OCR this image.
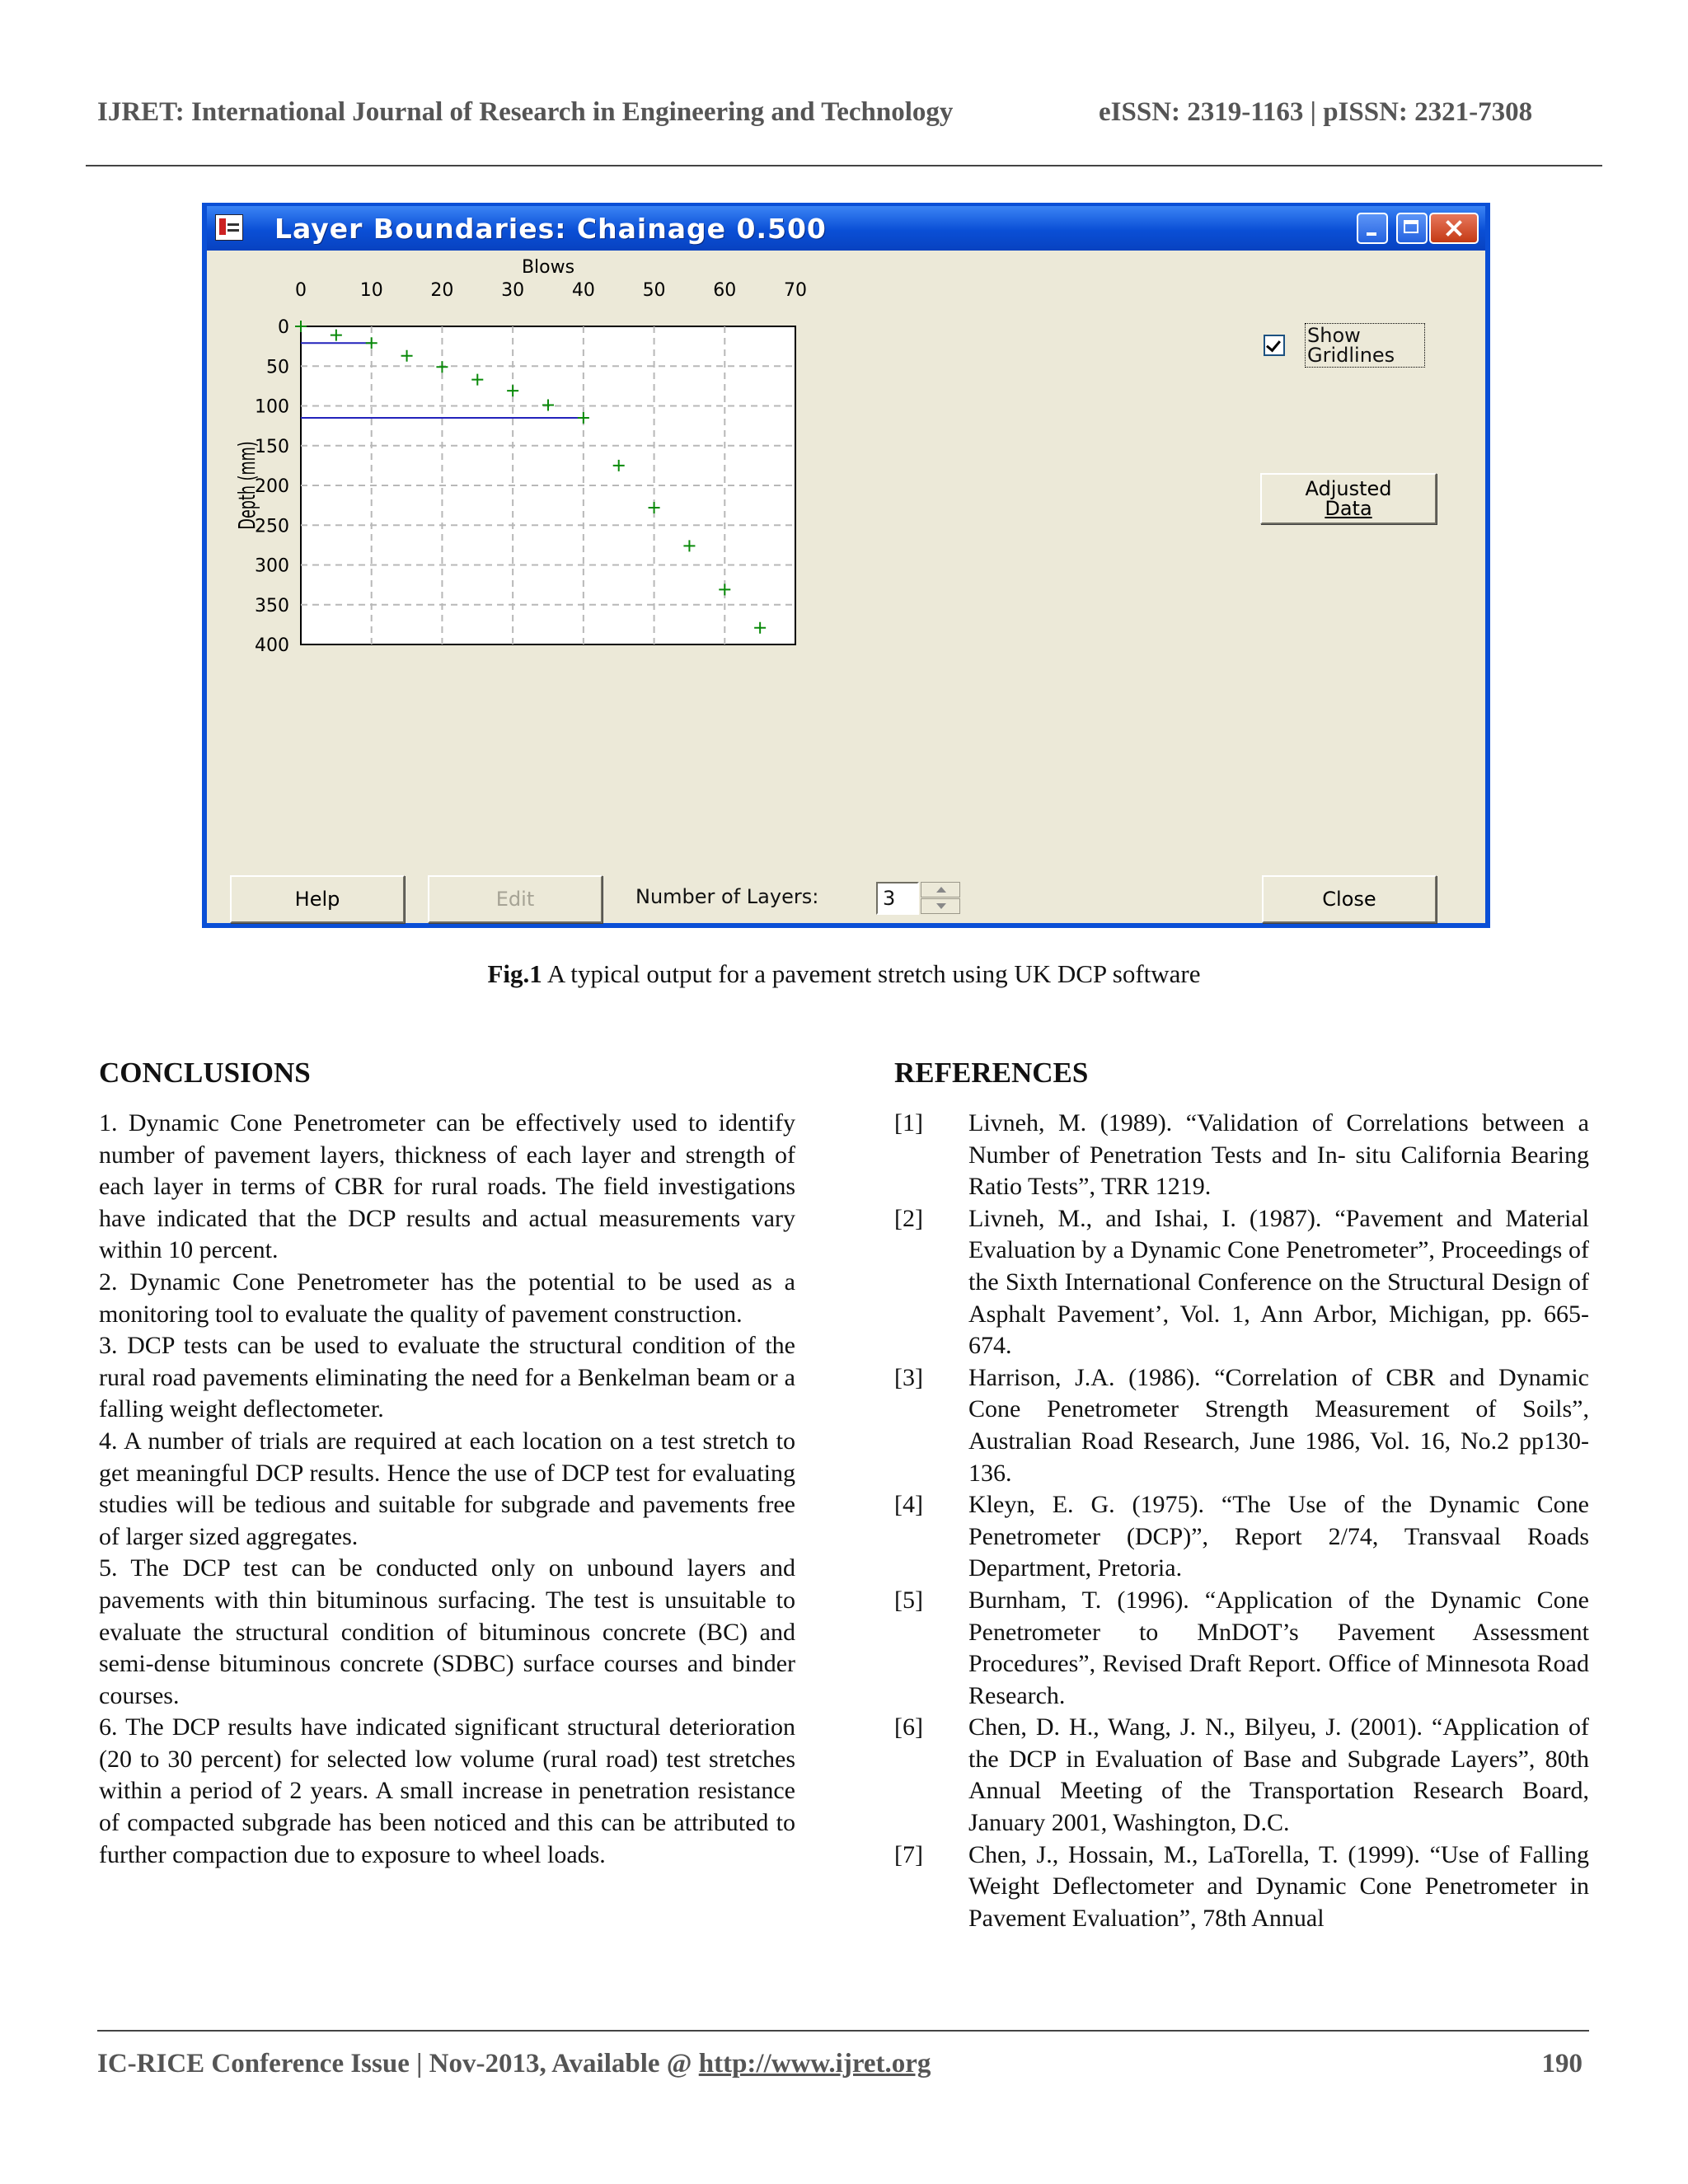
IJRET: International Journal of Research in Engineering and Technology	eISSN: 2319-1163 | pISSN: 2321-7308
Layer Boundaries: Chainage 0.500
0	10	20	30	40	50	60	70
0
50
100
150
200
250
300
350
400
Blows
Depth (mm)
Show Gridlines
Adjusted
Data
Help	Edit	Number of Layers:	3	Close
Fig.1 A typical output for a pavement stretch using UK DCP software
CONCLUSIONS

1. Dynamic Cone Penetrometer can be effectively used to identify number of pavement layers, thickness of each layer and strength of each layer in terms of CBR for rural roads. The field investigations have indicated that the DCP results and actual measurements vary within 10 percent.

2. Dynamic Cone Penetrometer has the potential to be used as a monitoring tool to evaluate the quality of pavement construction.

3. DCP tests can be used to evaluate the structural condition of the rural road pavements eliminating the need for a Benkelman beam or a falling weight deflectometer.

4. A number of trials are required at each location on a test stretch to get meaningful DCP results. Hence the use of DCP test for evaluating studies will be tedious and suitable for subgrade and pavements free of larger sized aggregates.

5. The DCP test can be conducted only on unbound layers and pavements with thin bituminous surfacing. The test is unsuitable to evaluate the structural condition of bituminous concrete (BC) and semi-dense bituminous concrete (SDBC) surface courses and binder courses.

6. The DCP results have indicated significant structural deterioration (20 to 30 percent) for selected low volume (rural road) test stretches within a period of 2 years. A small increase in penetration resistance of compacted subgrade has been noticed and this can be attributed to further compaction due to exposure to wheel loads.

REFERENCES
[1] Livneh, M. (1989). “Validation of Correlations between a Number of Penetration Tests and In- situ California Bearing Ratio Tests”, TRR 1219.
[2] Livneh, M., and Ishai, I. (1987). “Pavement and Material Evaluation by a Dynamic Cone Penetrometer”, Proceedings of the Sixth International Conference on the Structural Design of Asphalt Pavement’, Vol. 1, Ann Arbor, Michigan, pp. 665-674.
[3] Harrison, J.A. (1986). “Correlation of CBR and Dynamic Cone Penetrometer Strength Measurement of Soils”, Australian Road Research, June 1986, Vol. 16, No.2 pp130-136.
[4] Kleyn, E. G. (1975). “The Use of the Dynamic Cone Penetrometer (DCP)”, Report 2/74, Transvaal Roads Department, Pretoria.
[5] Burnham, T. (1996). “Application of the Dynamic Cone Penetrometer to MnDOT’s Pavement Assessment Procedures”, Revised Draft Report. Office of Minnesota Road Research.
[6] Chen, D. H., Wang, J. N., Bilyeu, J. (2001). “Application of the DCP in Evaluation of Base and Subgrade Layers”, 80th Annual Meeting of the Transportation Research Board, January 2001, Washington, D.C.
[7] Chen, J., Hossain, M., LaTorella, T. (1999). “Use of Falling Weight Deflectometer and Dynamic Cone Penetrometer in Pavement Evaluation”, 78th Annual
IC-RICE Conference Issue | Nov-2013, Available @ http://www.ijret.org	190
